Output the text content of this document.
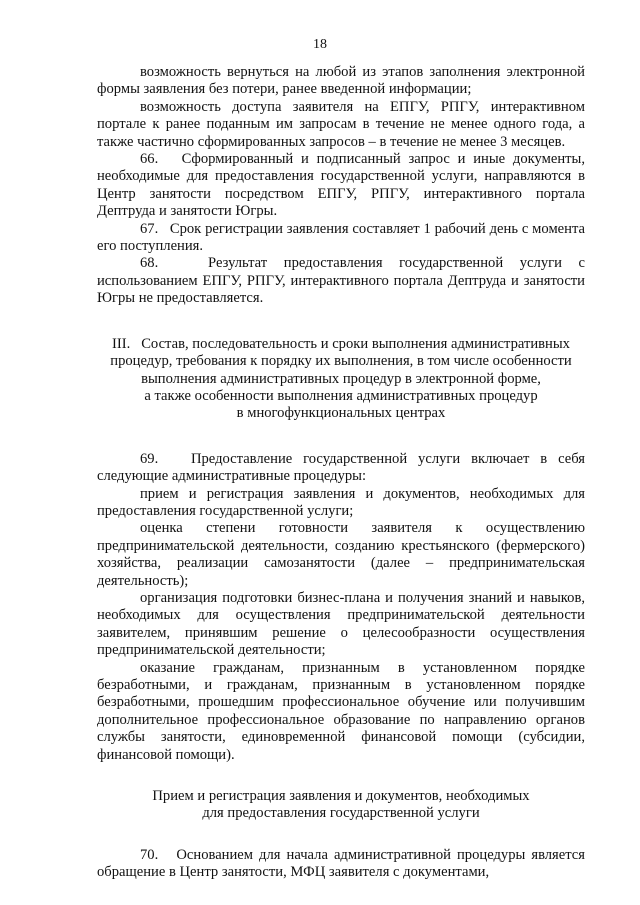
18

возможность вернуться на любой из этапов заполнения электронной формы заявления без потери, ранее введенной информации;

возможность доступа заявителя на ЕПГУ, РПГУ, интерактивном портале к ранее поданным им запросам в течение не менее одного года, а также частично сформированных запросов – в течение не менее 3 месяцев.

66.   Сформированный и подписанный запрос и иные документы, необходимые для предоставления государственной услуги, направляются в Центр занятости посредством ЕПГУ, РПГУ, интерактивного портала Дептруда и занятости Югры.

67.   Срок регистрации заявления составляет 1 рабочий день с момента его поступления.

68.   Результат предоставления государственной услуги с использованием ЕПГУ, РПГУ, интерактивного портала Дептруда и занятости Югры не предоставляется.

III.   Состав, последовательность и сроки выполнения административных
процедур, требования к порядку их выполнения, в том числе особенности
выполнения административных процедур в электронной форме,
а также особенности выполнения административных процедур
в многофункциональных центрах

69.   Предоставление государственной услуги включает в себя следующие административные процедуры:

прием и регистрация заявления и документов, необходимых для предоставления государственной услуги;

оценка степени готовности заявителя к осуществлению предпринимательской деятельности, созданию крестьянского (фермерского) хозяйства, реализации самозанятости (далее – предпринимательская деятельность);

организация подготовки бизнес-плана и получения знаний и навыков, необходимых для осуществления предпринимательской деятельности заявителем, принявшим решение о целесообразности осуществления предпринимательской деятельности;

оказание гражданам, признанным в установленном порядке безработными, и гражданам, признанным в установленном порядке безработными, прошедшим профессиональное обучение или получившим дополнительное профессиональное образование по направлению органов службы занятости, единовременной финансовой помощи (субсидии, финансовой помощи).

Прием и регистрация заявления и документов, необходимых
для предоставления государственной услуги

70.   Основанием для начала административной процедуры является обращение в Центр занятости, МФЦ заявителя с документами,
